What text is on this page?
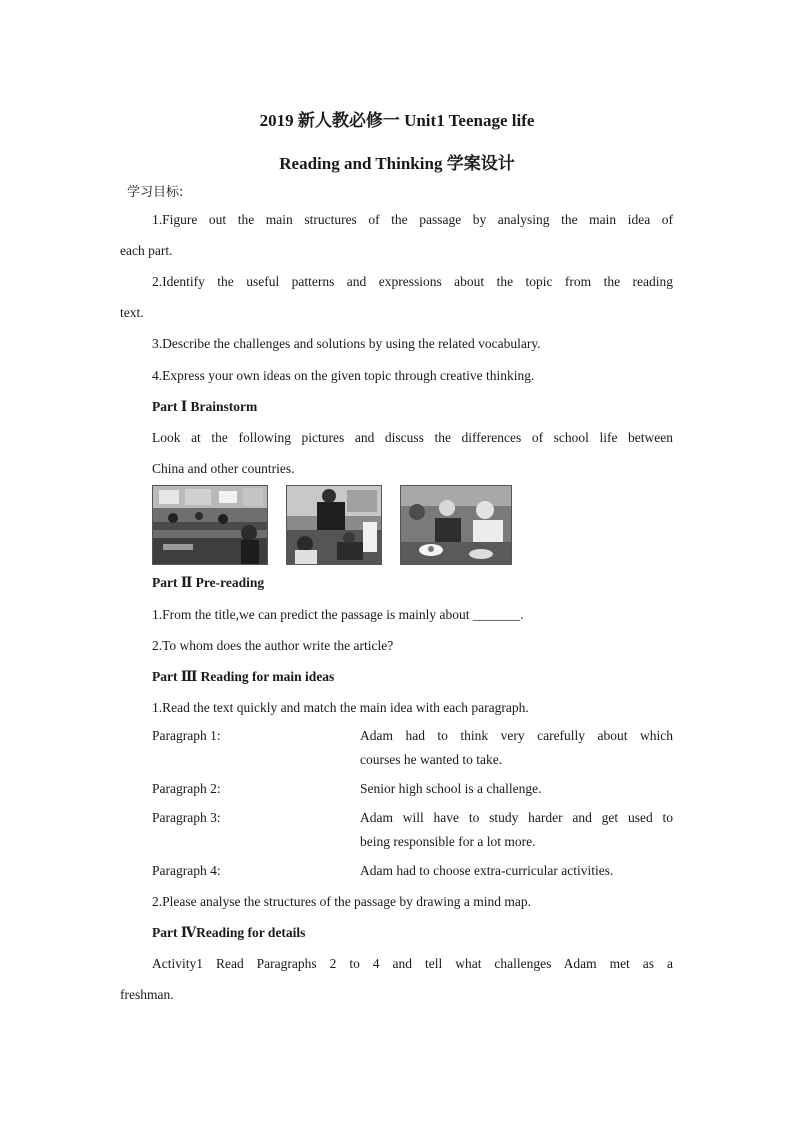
2019 新人教必修一 Unit1 Teenage life
Reading and Thinking 学案设计
学习目标:
1.Figure out the main structures of the passage by analysing the main idea of
each part.
2.Identify the useful patterns and expressions about the topic from the reading
text.
3.Describe the challenges and solutions by using the related vocabulary.
4.Express your own ideas on the given topic through creative thinking.
Part Ⅰ Brainstorm
Look at the following pictures and discuss the differences of school life between
China and other countries.
Part Ⅱ Pre-reading
1.From the title,we can predict the passage is mainly about _______.
2.To whom does the author write the article?
Part Ⅲ Reading for main ideas
1.Read the text quickly and match the main idea with each paragraph.
Paragraph 1:	Adam had to think very carefully about which
courses he wanted to take.
Paragraph 2:	Senior high school is a challenge.
Paragraph 3:	Adam will have to study harder and get used to
being responsible for a lot more.
Paragraph 4:	Adam had to choose extra-curricular activities.
2.Please analyse the structures of the passage by drawing a mind map.
Part ⅣReading for details
Activity1 Read Paragraphs 2 to 4 and tell what challenges Adam met as a
freshman.
